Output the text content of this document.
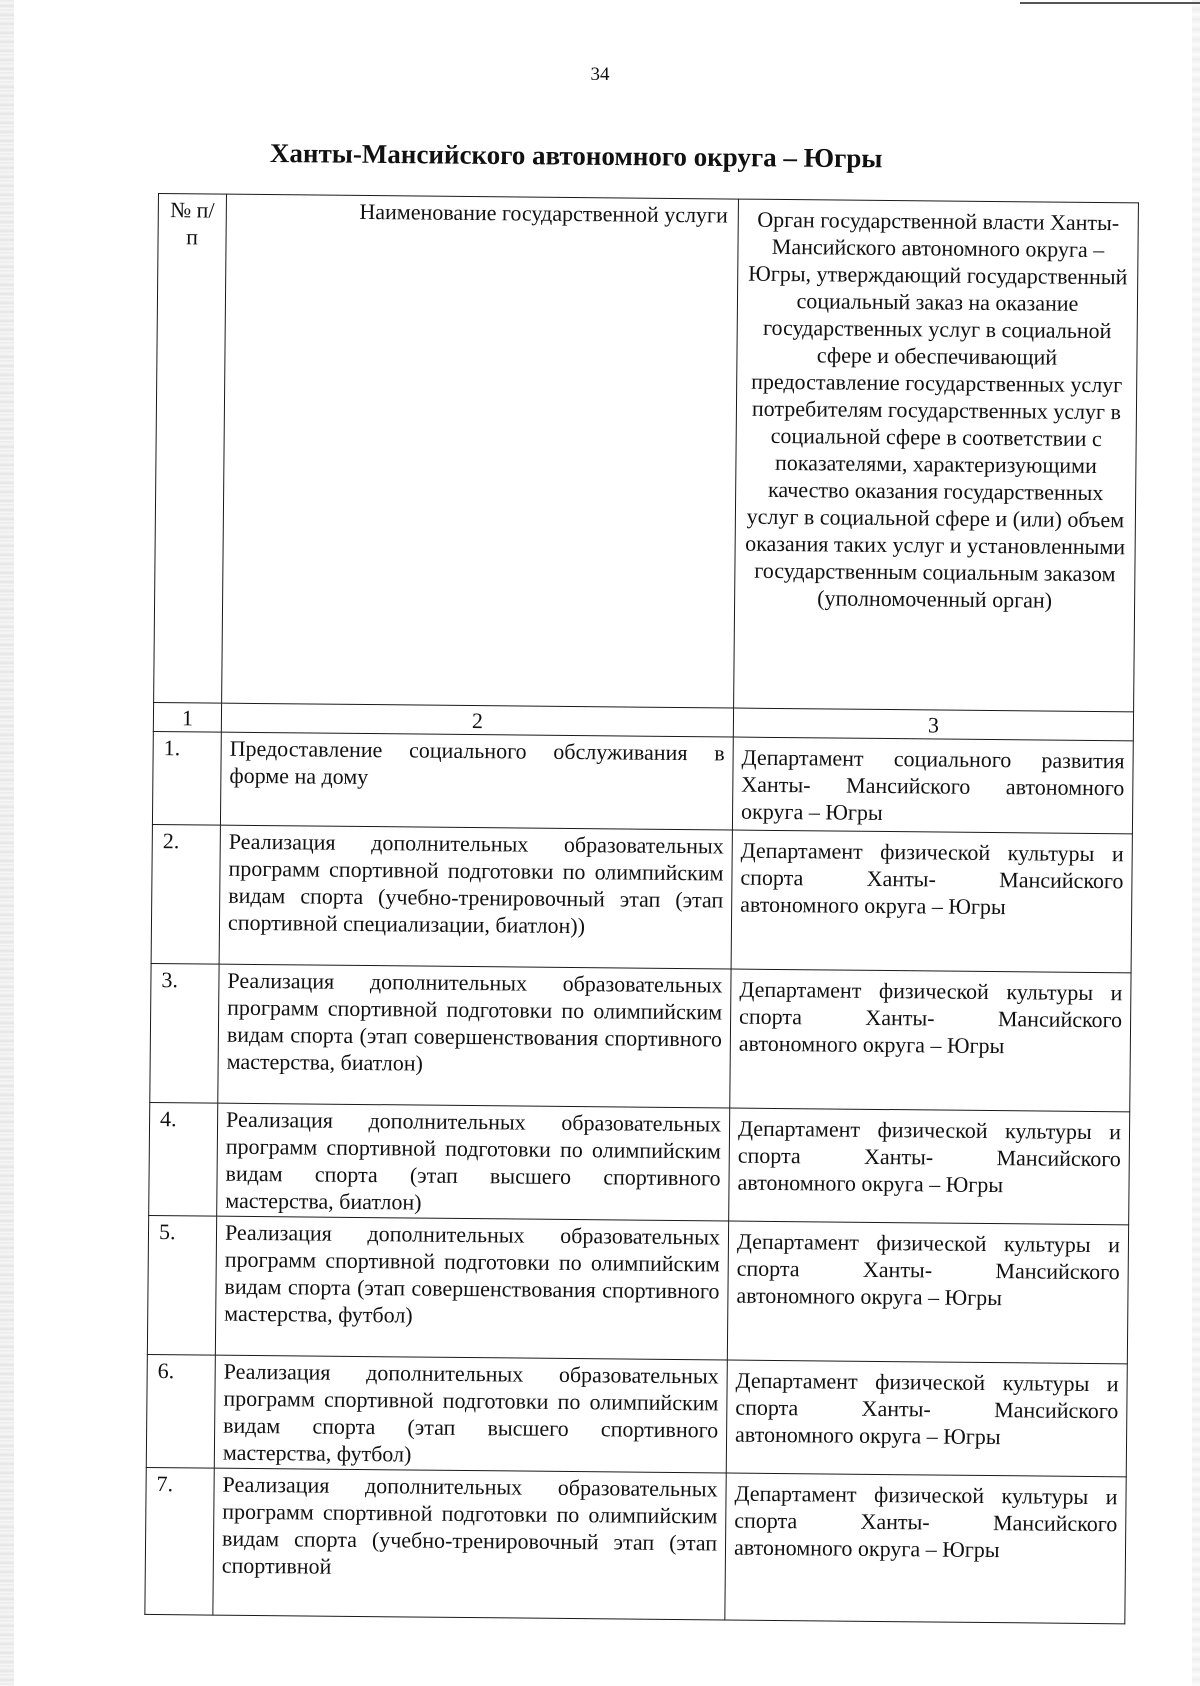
34
Ханты-Мансийского автономного округа – Югры
№ п/п	Наименование государственной услуги	Орган государственной власти Ханты-Мансийского автономного округа – Югры, утверждающий государственный социальный заказ на оказание государственных услуг в социальной сфере и обеспечивающий предоставление государственных услуг потребителям государственных услуг в социальной сфере в соответствии с показателями, характеризующими качество оказания государственных услуг в социальной сфере и (или) объем оказания таких услуг и установленными государственным социальным заказом (уполномоченный орган)
1	2	3
1.	Предоставление социального обслуживания в форме на дому	Департамент социального развития Ханты- Мансийского автономного округа – Югры
2.	Реализация дополнительных образовательных программ спортивной подготовки по олимпийским видам спорта (учебно-тренировочный этап (этап спортивной специализации, биатлон))	Департамент физической культуры и спорта Ханты- Мансийского автономного округа – Югры
3.	Реализация дополнительных образовательных программ спортивной подготовки по олимпийским видам спорта (этап совершенствования спортивного мастерства, биатлон)	Департамент физической культуры и спорта Ханты- Мансийского автономного округа – Югры
4.	Реализация дополнительных образовательных программ спортивной подготовки по олимпийским видам спорта (этап высшего спортивного мастерства, биатлон)	Департамент физической культуры и спорта Ханты- Мансийского автономного округа – Югры
5.	Реализация дополнительных образовательных программ спортивной подготовки по олимпийским видам спорта (этап совершенствования спортивного мастерства, футбол)	Департамент физической культуры и спорта Ханты- Мансийского автономного округа – Югры
6.	Реализация дополнительных образовательных программ спортивной подготовки по олимпийским видам спорта (этап высшего спортивного мастерства, футбол)	Департамент физической культуры и спорта Ханты- Мансийского автономного округа – Югры
7.	Реализация дополнительных образовательных программ спортивной подготовки по олимпийским видам спорта (учебно-тренировочный этап (этап спортивной	Департамент физической культуры и спорта Ханты- Мансийского автономного округа – Югры
